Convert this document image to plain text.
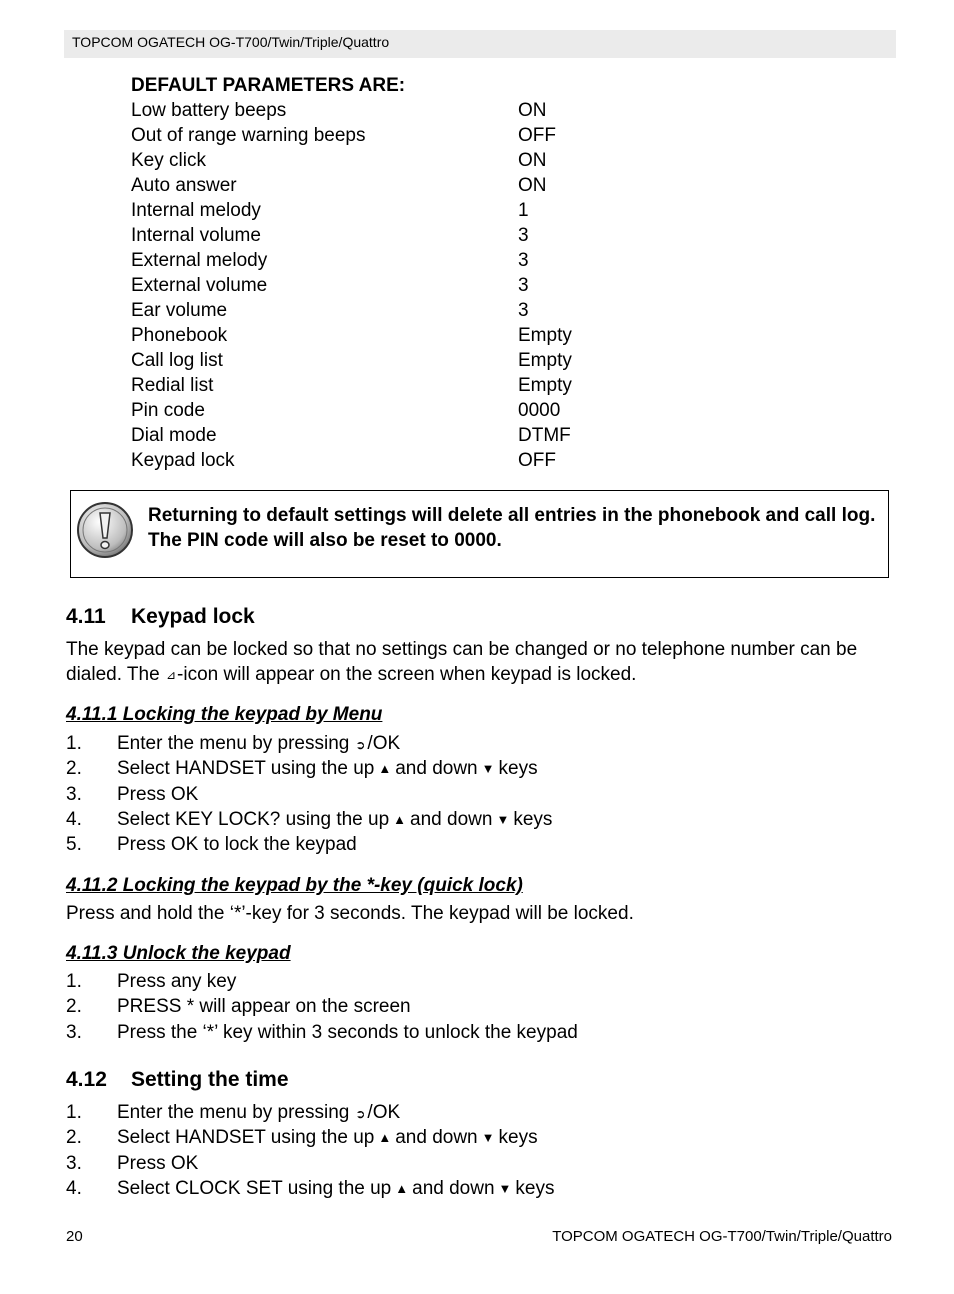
TOPCOM OGATECH OG-T700/Twin/Triple/Quattro
DEFAULT PARAMETERS ARE:
Low battery beeps	ON
Out of range warning beeps	OFF
Key click	ON
Auto answer	ON
Internal melody	1
Internal volume	3
External melody	3
External volume	3
Ear volume	3
Phonebook	Empty
Call log list	Empty
Redial list	Empty
Pin code	0000
Dial mode	DTMF
Keypad lock	OFF
Returning to default settings will delete all entries in the phonebook and call log. The PIN code will also be reset to 0000.
4.11 Keypad lock
The keypad can be locked so that no settings can be changed or no telephone number can be dialed. The ⊿-icon will appear on the screen when keypad is locked.
4.11.1 Locking the keypad by Menu
1. Enter the menu by pressing ➲ /OK
2. Select HANDSET using the up ▲ and down ▼ keys
3. Press OK
4. Select KEY LOCK? using the up ▲ and down ▼ keys
5. Press OK to lock the keypad
4.11.2 Locking the keypad by the *-key (quick lock)
Press and hold the ‘*’-key for 3 seconds. The keypad will be locked.
4.11.3 Unlock the keypad
1. Press any key
2. PRESS * will appear on the screen
3. Press the ‘*’ key within 3 seconds to unlock the keypad
4.12 Setting the time
1. Enter the menu by pressing ➲ /OK
2. Select HANDSET using the up ▲ and down ▼ keys
3. Press OK
4. Select CLOCK SET using the up ▲ and down ▼ keys
20	TOPCOM OGATECH OG-T700/Twin/Triple/Quattro
